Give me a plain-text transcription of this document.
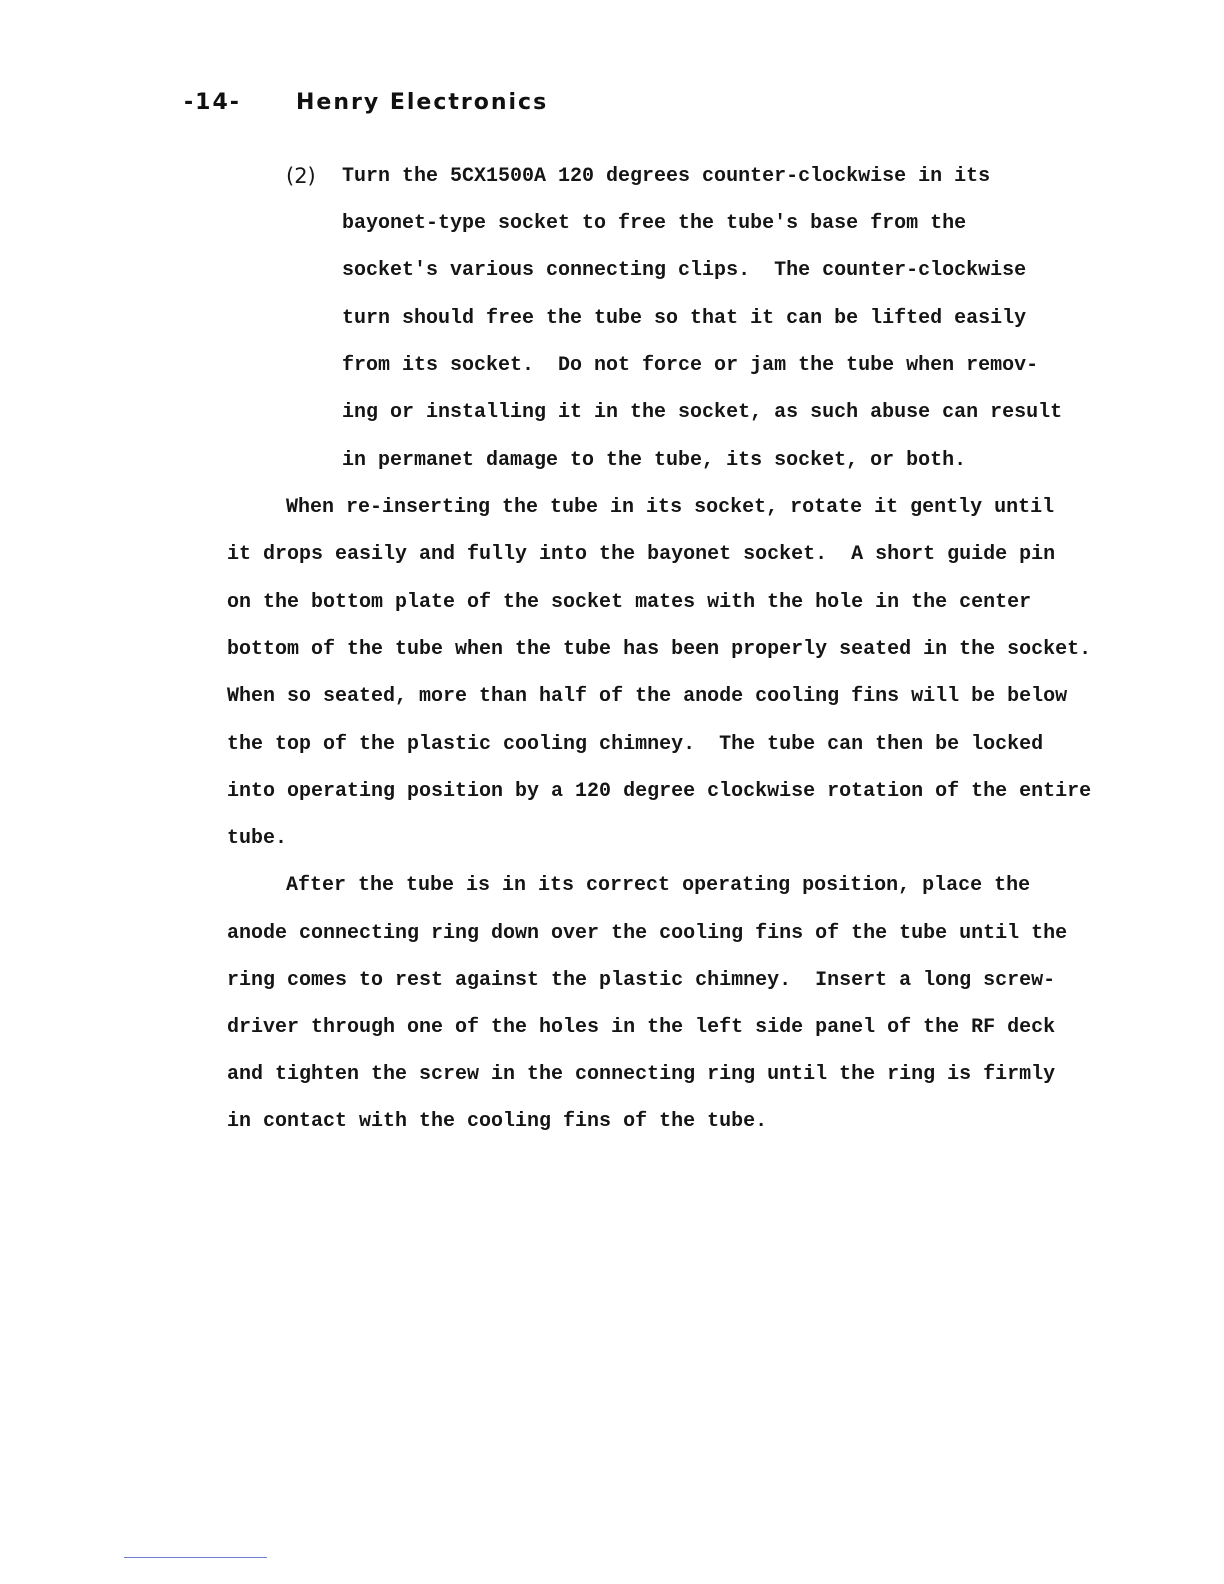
-14-	Henry Electronics
(2) Turn the 5CX1500A 120 degrees counter-clockwise in its
bayonet-type socket to free the tube's base from the
socket's various connecting clips.  The counter-clockwise
turn should free the tube so that it can be lifted easily
from its socket.  Do not force or jam the tube when remov-
ing or installing it in the socket, as such abuse can result
in permanet damage to the tube, its socket, or both.
When re-inserting the tube in its socket, rotate it gently until
it drops easily and fully into the bayonet socket.  A short guide pin
on the bottom plate of the socket mates with the hole in the center
bottom of the tube when the tube has been properly seated in the socket.
When so seated, more than half of the anode cooling fins will be below
the top of the plastic cooling chimney.  The tube can then be locked
into operating position by a 120 degree clockwise rotation of the entire
tube.
After the tube is in its correct operating position, place the
anode connecting ring down over the cooling fins of the tube until the
ring comes to rest against the plastic chimney.  Insert a long screw-
driver through one of the holes in the left side panel of the RF deck
and tighten the screw in the connecting ring until the ring is firmly
in contact with the cooling fins of the tube.
